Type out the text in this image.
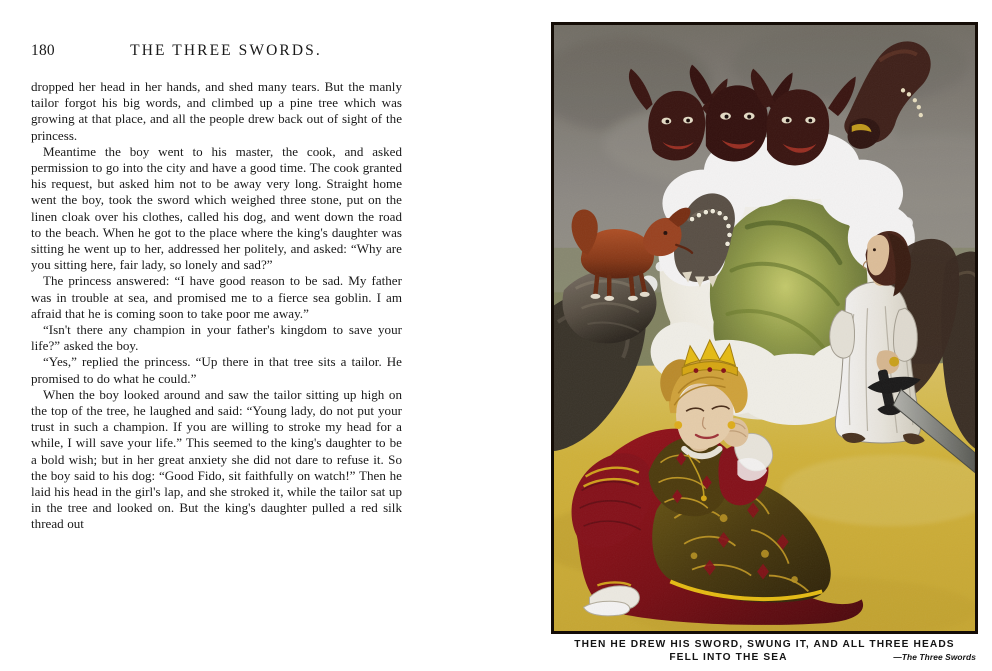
180	THE THREE SWORDS.

dropped her head in her hands, and shed many tears. But the manly tailor forgot his big words, and climbed up a pine tree which was growing at that place, and all the people drew back out of sight of the princess.

Meantime the boy went to his master, the cook, and asked permission to go into the city and have a good time. The cook granted his request, but asked him not to be away very long. Straight home went the boy, took the sword which weighed three stone, put on the linen cloak over his clothes, called his dog, and went down the road to the beach. When he got to the place where the king's daughter was sitting he went up to her, addressed her politely, and asked: “Why are you sitting here, fair lady, so lonely and sad?”

The princess answered: “I have good reason to be sad. My father was in trouble at sea, and promised me to a fierce sea goblin. I am afraid that he is coming soon to take poor me away.”

“Isn't there any champion in your father's kingdom to save your life?” asked the boy.

“Yes,” replied the princess. “Up there in that tree sits a tailor. He promised to do what he could.”

When the boy looked around and saw the tailor sitting up high on the top of the tree, he laughed and said: “Young lady, do not put your trust in such a champion. If you are willing to stroke my head for a while, I will save your life.” This seemed to the king's daughter to be a bold wish; but in her great anxiety she did not dare to refuse it. So the boy said to his dog: “Good Fido, sit faithfully on watch!” Then he laid his head in the girl's lap, and she stroked it, while the tailor sat up in the tree and looked on. But the king's daughter pulled a red silk thread out

THEN HE DREW HIS SWORD, SWUNG IT, AND ALL THREE HEADS
FELL INTO THE SEA	—The Three Swords
